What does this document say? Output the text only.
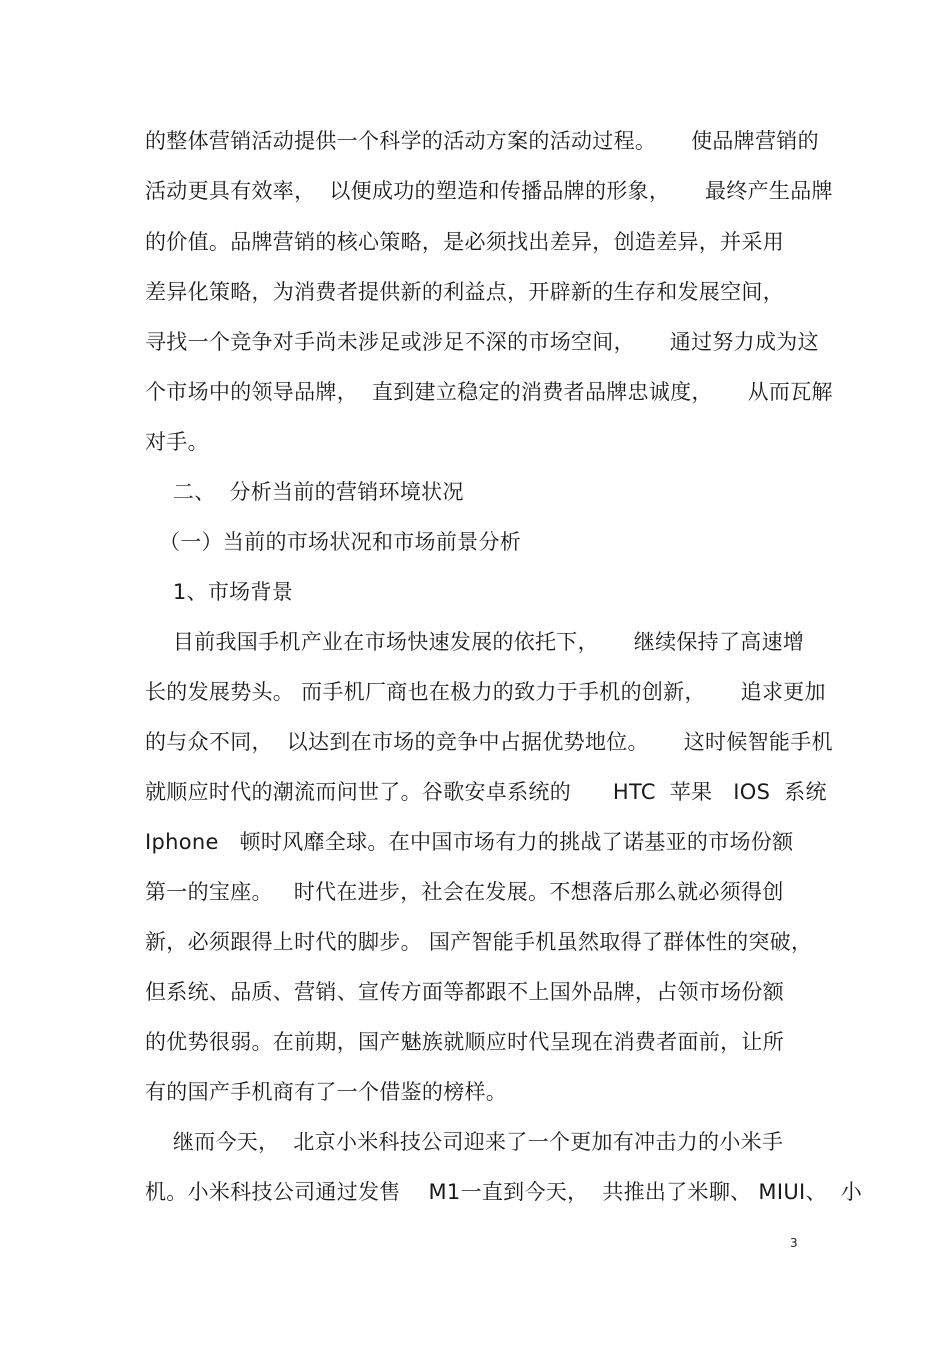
的整体营销活动提供一个科学的活动方案的活动过程。     使品牌营销的
活动更具有效率，  以便成功的塑造和传播品牌的形象，     最终产生品牌
的价值。品牌营销的核心策略，是必须找出差异，创造差异，并采用
差异化策略，为消费者提供新的利益点，开辟新的生存和发展空间，
寻找一个竞争对手尚未涉足或涉足不深的市场空间，     通过努力成为这
个市场中的领导品牌，  直到建立稳定的消费者品牌忠诚度，     从而瓦解
对手。
二、  分析当前的营销环境状况
（一）当前的市场状况和市场前景分析
1、市场背景
目前我国手机产业在市场快速发展的依托下，     继续保持了高速增
长的发展势头。 而手机厂商也在极力的致力于手机的创新，     追求更加
的与众不同，  以达到在市场的竞争中占据优势地位。     这时候智能手机
就顺应时代的潮流而问世了。谷歌安卓系统的      HTC  苹果   IOS  系统
Iphone   顿时风靡全球。在中国市场有力的挑战了诺基亚的市场份额
第一的宝座。   时代在进步，社会在发展。不想落后那么就必须得创
新，必须跟得上时代的脚步。 国产智能手机虽然取得了群体性的突破，
但系统、品质、营销、宣传方面等都跟不上国外品牌，占领市场份额
的优势很弱。在前期，国产魅族就顺应时代呈现在消费者面前，让所
有的国产手机商有了一个借鉴的榜样。
继而今天，  北京小米科技公司迎来了一个更加有冲击力的小米手
机。小米科技公司通过发售    M1一直到今天，  共推出了米聊、 MIUI、  小
3
